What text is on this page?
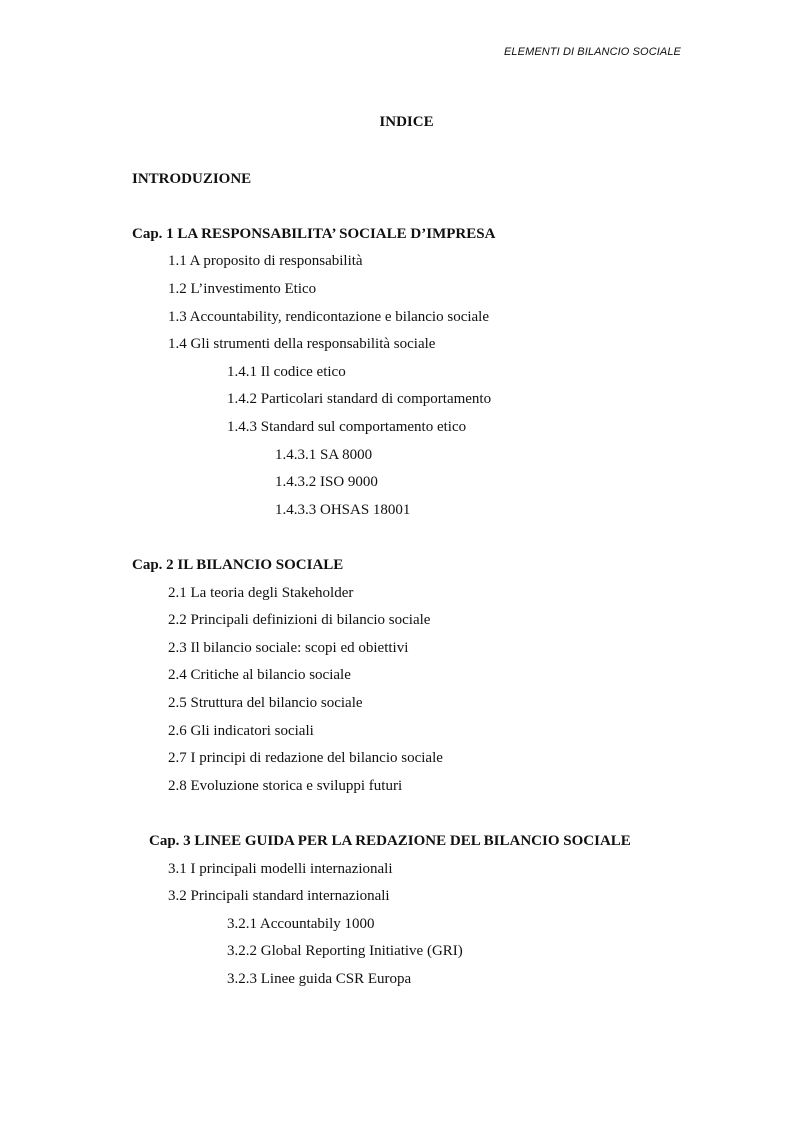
ELEMENTI DI BILANCIO SOCIALE
INDICE
INTRODUZIONE
Cap. 1 LA RESPONSABILITA’ SOCIALE D’IMPRESA
1.1 A proposito di responsabilità
1.2 L’investimento Etico
1.3 Accountability, rendicontazione e bilancio sociale
1.4 Gli strumenti della responsabilità sociale
1.4.1 Il codice etico
1.4.2 Particolari standard di comportamento
1.4.3 Standard sul comportamento etico
1.4.3.1 SA 8000
1.4.3.2 ISO 9000
1.4.3.3 OHSAS 18001
Cap. 2 IL BILANCIO SOCIALE
2.1 La teoria degli Stakeholder
2.2 Principali definizioni di bilancio sociale
2.3 Il bilancio sociale: scopi ed obiettivi
2.4 Critiche al bilancio sociale
2.5 Struttura del bilancio sociale
2.6 Gli indicatori sociali
2.7 I principi di redazione del bilancio sociale
2.8 Evoluzione storica e sviluppi futuri
Cap. 3 LINEE GUIDA PER LA REDAZIONE DEL BILANCIO SOCIALE
3.1 I principali modelli internazionali
3.2 Principali standard internazionali
3.2.1 Accountabily 1000
3.2.2 Global Reporting Initiative (GRI)
3.2.3 Linee guida CSR Europa
